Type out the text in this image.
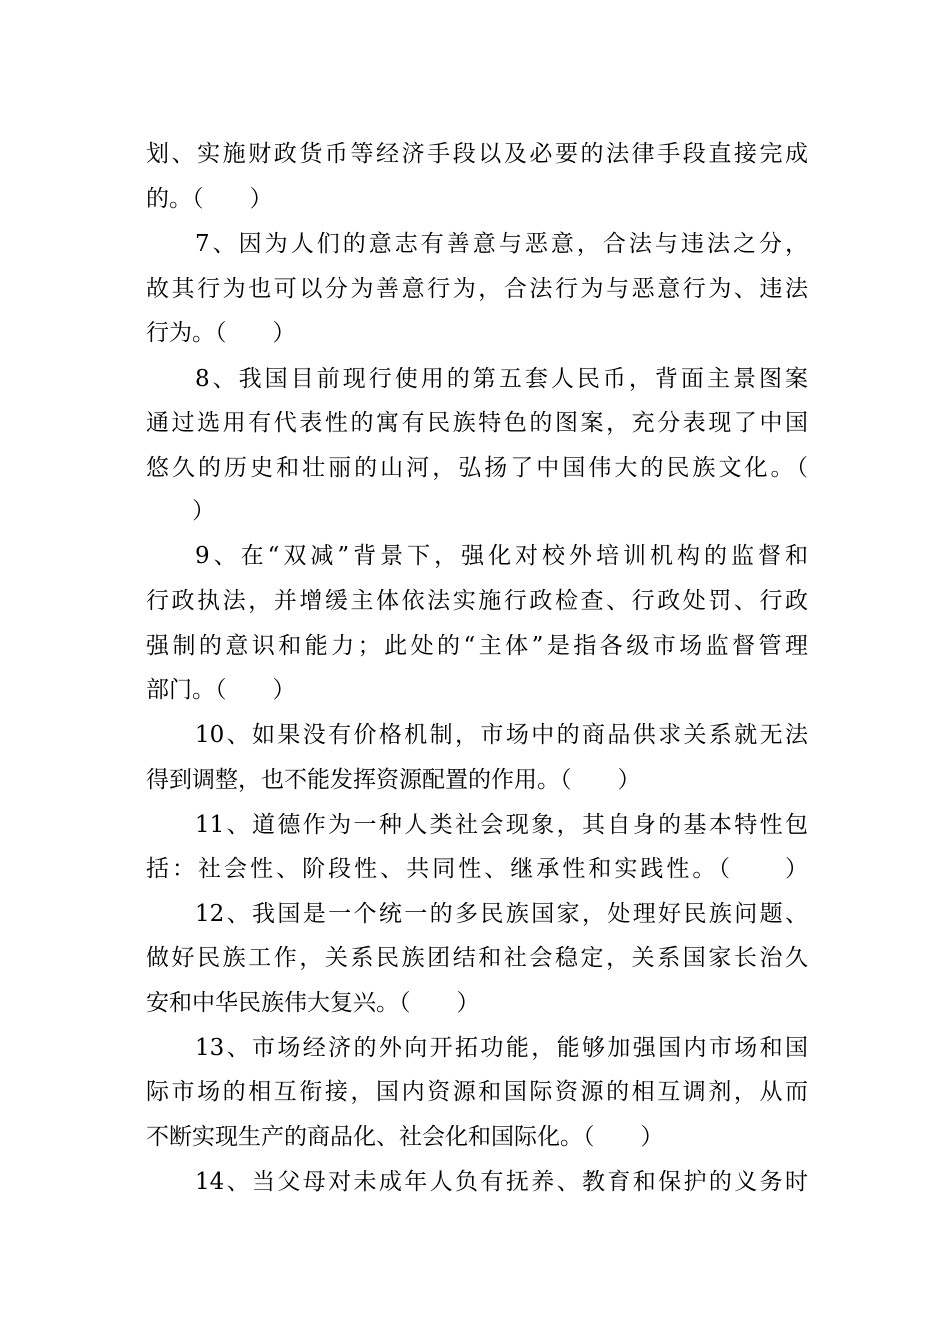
划、实施财政货币等经济手段以及必要的法律手段直接完成
的。（　　）
7、因为人们的意志有善意与恶意，合法与违法之分，
故其行为也可以分为善意行为，合法行为与恶意行为、违法
行为。（　　）
8、我国目前现行使用的第五套人民币，背面主景图案
通过选用有代表性的寓有民族特色的图案，充分表现了中国
悠久的历史和壮丽的山河，弘扬了中国伟大的民族文化。（
　　）
9、在“双减”背景下，强化对校外培训机构的监督和
行政执法，并增缓主体依法实施行政检查、行政处罚、行政
强制的意识和能力；此处的“主体”是指各级市场监督管理
部门。（　　）
10、如果没有价格机制，市场中的商品供求关系就无法
得到调整，也不能发挥资源配置的作用。（　　）
11、道德作为一种人类社会现象，其自身的基本特性包
括：社会性、阶段性、共同性、继承性和实践性。（　　）
12、我国是一个统一的多民族国家，处理好民族问题、
做好民族工作，关系民族团结和社会稳定，关系国家长治久
安和中华民族伟大复兴。（　　）
13、市场经济的外向开拓功能，能够加强国内市场和国
际市场的相互衔接，国内资源和国际资源的相互调剂，从而
不断实现生产的商品化、社会化和国际化。（　　）
14、当父母对未成年人负有抚养、教育和保护的义务时
